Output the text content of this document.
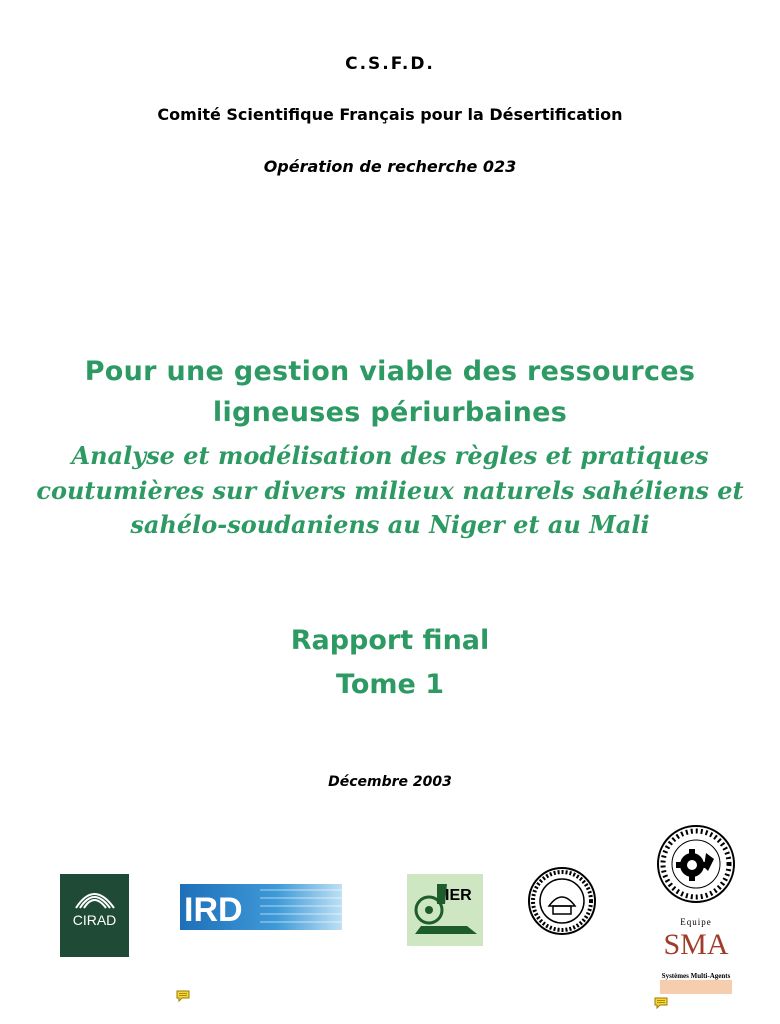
C.S.F.D.
Comité Scientifique Français pour la Désertification
Opération de recherche 023
Pour une gestion viable des ressources
ligneuses périurbaines
Analyse et modélisation des règles et pratiques
coutumières sur divers milieux naturels sahéliens et
sahélo-soudaniens au Niger et au Mali
Rapport final
Tome 1
Décembre 2003
CIRAD	IRD	IER
Equipe
SMA
Systèmes Multi-Agents
